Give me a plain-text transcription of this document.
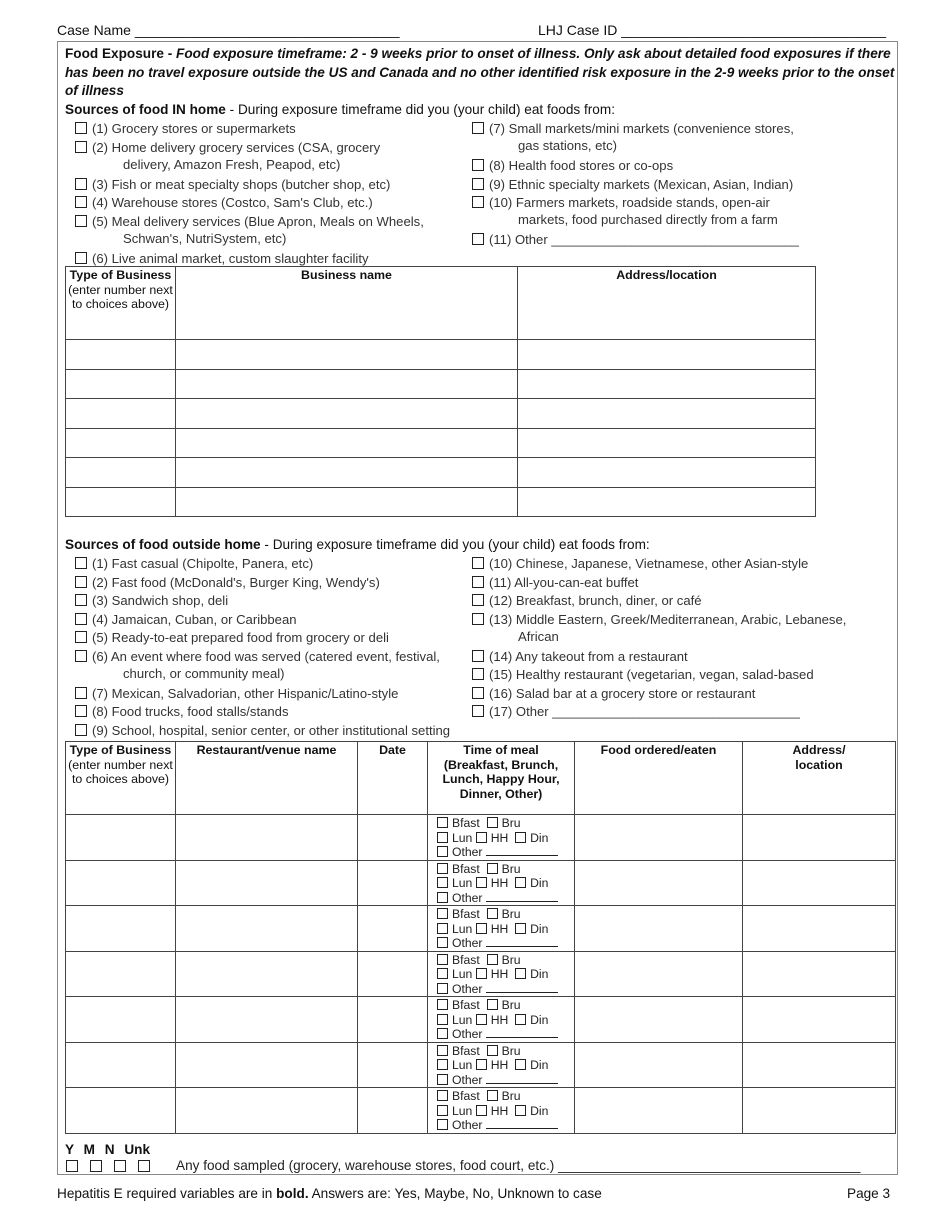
Case Name __________________________________	LHJ Case ID __________________________________
Food Exposure - Food exposure timeframe: 2 - 9 weeks prior to onset of illness. Only ask about detailed food exposures if there has been no travel exposure outside the US and Canada and no other identified risk exposure in the 2-9 weeks prior to the onset of illness
Sources of food IN home - During exposure timeframe did you (your child) eat foods from:
(1) Grocery stores or supermarkets
(2) Home delivery grocery services (CSA, grocery
delivery, Amazon Fresh, Peapod, etc)
(3) Fish or meat specialty shops (butcher shop, etc)
(4) Warehouse stores (Costco, Sam's Club, etc.)
(5) Meal delivery services (Blue Apron, Meals on Wheels,
Schwan's, NutriSystem, etc)
(6) Live animal market, custom slaughter facility
(7) Small markets/mini markets (convenience stores,
gas stations, etc)
(8) Health food stores or co-ops
(9) Ethnic specialty markets (Mexican, Asian, Indian)
(10) Farmers markets, roadside stands, open-air
markets, food purchased directly from a farm
(11) Other __________________________________
Type of Business
(enter number next to choices above)	Business name	Address/location

Sources of food outside home - During exposure timeframe did you (your child) eat foods from:
(1) Fast casual (Chipolte, Panera, etc)
(2) Fast food (McDonald's, Burger King, Wendy's)
(3) Sandwich shop, deli
(4) Jamaican, Cuban, or Caribbean
(5) Ready-to-eat prepared food from grocery or deli
(6) An event where food was served (catered event, festival,
church, or community meal)
(7) Mexican, Salvadorian, other Hispanic/Latino-style
(8) Food trucks, food stalls/stands
(9) School, hospital, senior center, or other institutional setting
(10) Chinese, Japanese, Vietnamese, other Asian-style
(11) All-you-can-eat buffet
(12) Breakfast, brunch, diner, or café
(13) Middle Eastern, Greek/Mediterranean, Arabic, Lebanese,
African
(14) Any takeout from a restaurant
(15) Healthy restaurant (vegetarian, vegan, salad-based
(16) Salad bar at a grocery store or restaurant
(17) Other __________________________________
Type of Business
(enter number next to choices above)	Restaurant/venue name	Date	Time of meal (Breakfast, Brunch, Lunch, Happy Hour, Dinner, Other)	Food ordered/eaten	Address/ location

			Bfast Bru
Lun HH Din
Other		

			Bfast Bru
Lun HH Din
Other		

			Bfast Bru
Lun HH Din
Other		

			Bfast Bru
Lun HH Din
Other		

			Bfast Bru
Lun HH Din
Other		

			Bfast Bru
Lun HH Din
Other		

			Bfast Bru
Lun HH Din
Other		

Y M N Unk
Any food sampled (grocery, warehouse stores, food court, etc.) ________________________________________
Hepatitis E required variables are in bold. Answers are: Yes, Maybe, No, Unknown to case	Page 3
